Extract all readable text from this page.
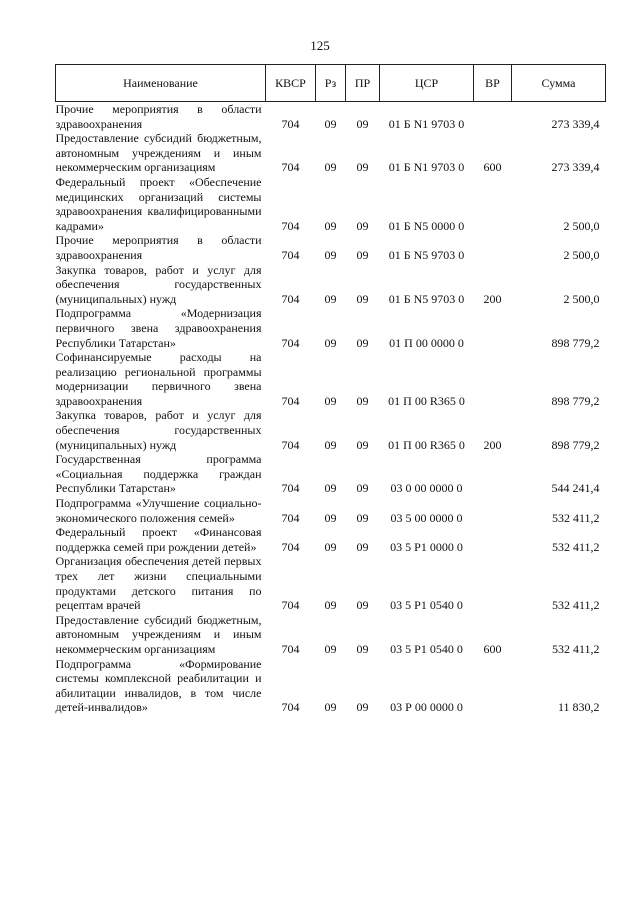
125
Наименование	КВСР	Рз	ПР	ЦСР	ВР	Сумма
Прочие мероприятия в области здравоохранения	704	09	09	01 Б N1 9703 0		273 339,4
Предоставление субсидий бюджетным, автономным учреждениям и иным некоммерческим организациям	704	09	09	01 Б N1 9703 0	600	273 339,4
Федеральный проект «Обеспечение медицинских организаций системы здравоохранения квалифицированными кадрами»	704	09	09	01 Б N5 0000 0		2 500,0
Прочие мероприятия в области здравоохранения	704	09	09	01 Б N5 9703 0		2 500,0
Закупка товаров, работ и услуг для обеспечения государственных (муниципальных) нужд	704	09	09	01 Б N5 9703 0	200	2 500,0
Подпрограмма «Модернизация первичного звена здравоохранения Республики Татарстан»	704	09	09	01 П 00 0000 0		898 779,2
Софинансируемые расходы на реализацию региональной программы модернизации первичного звена здравоохранения	704	09	09	01 П 00 R365 0		898 779,2
Закупка товаров, работ и услуг для обеспечения государственных (муниципальных) нужд	704	09	09	01 П 00 R365 0	200	898 779,2
Государственная программа «Социальная поддержка граждан Республики Татарстан»	704	09	09	03 0 00 0000 0		544 241,4
Подпрограмма «Улучшение социально-экономического положения семей»	704	09	09	03 5 00 0000 0		532 411,2
Федеральный проект «Финансовая поддержка семей при рождении детей»	704	09	09	03 5 P1 0000 0		532 411,2
Организация обеспечения детей первых трех лет жизни специальными продуктами детского питания по рецептам врачей	704	09	09	03 5 P1 0540 0		532 411,2
Предоставление субсидий бюджетным, автономным учреждениям и иным некоммерческим организациям	704	09	09	03 5 P1 0540 0	600	532 411,2
Подпрограмма «Формирование системы комплексной реабилитации и абилитации инвалидов, в том числе детей-инвалидов»	704	09	09	03 Р 00 0000 0		11 830,2
